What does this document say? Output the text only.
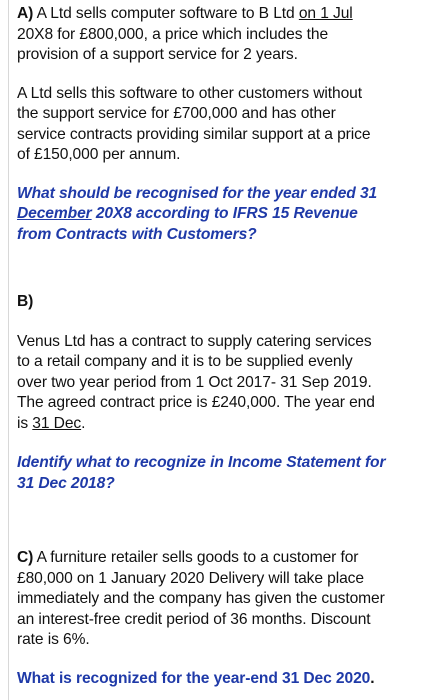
A) A Ltd sells computer software to B Ltd on 1 Jul
20X8 for £800,000, a price which includes the
provision of a support service for 2 years.

A Ltd sells this software to other customers without
the support service for £700,000 and has other
service contracts providing similar support at a price
of £150,000 per annum.

What should be recognised for the year ended 31
December 20X8 according to IFRS 15 Revenue
from Contracts with Customers?

B)

Venus Ltd has a contract to supply catering services
to a retail company and it is to be supplied evenly
over two year period from 1 Oct 2017- 31 Sep 2019.
The agreed contract price is £240,000. The year end
is 31 Dec.

Identify what to recognize in Income Statement for
31 Dec 2018?

C) A furniture retailer sells goods to a customer for
£80,000 on 1 January 2020 Delivery will take place
immediately and the company has given the customer
an interest-free credit period of 36 months. Discount
rate is 6%.

What is recognized for the year-end 31 Dec 2020.
